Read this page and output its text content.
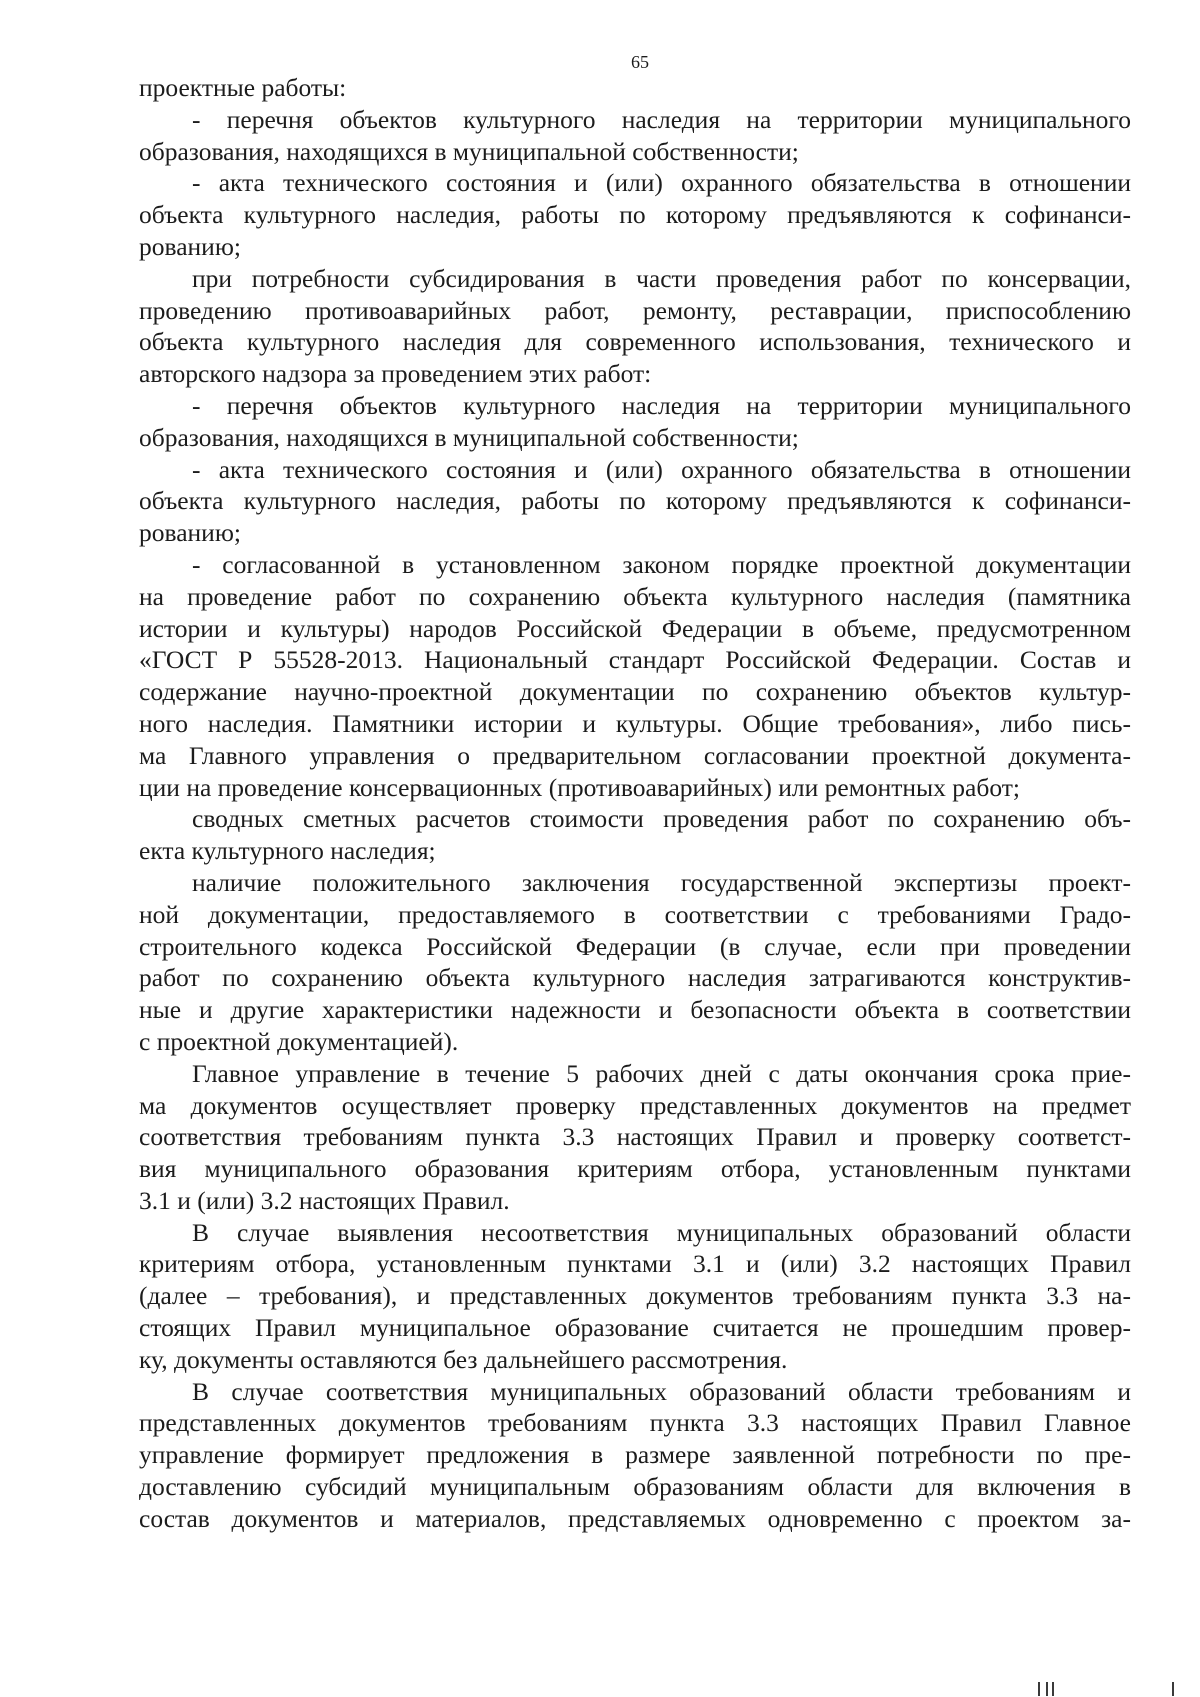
65
проектные работы:
- перечня объектов культурного наследия на территории муниципального
образования, находящихся в муниципальной собственности;
- акта технического состояния и (или) охранного обязательства в отношении
объекта культурного наследия, работы по которому предъявляются к софинанси-
рованию;
при потребности субсидирования в части проведения работ по консервации,
проведению противоаварийных работ, ремонту, реставрации, приспособлению
объекта культурного наследия для современного использования, технического и
авторского надзора за проведением этих работ:
- перечня объектов культурного наследия на территории муниципального
образования, находящихся в муниципальной собственности;
- акта технического состояния и (или) охранного обязательства в отношении
объекта культурного наследия, работы по которому предъявляются к софинанси-
рованию;
- согласованной в установленном законом порядке проектной документации
на проведение работ по сохранению объекта культурного наследия (памятника
истории и культуры) народов Российской Федерации в объеме, предусмотренном
«ГОСТ Р 55528-2013. Национальный стандарт Российской Федерации. Состав и
содержание научно-проектной документации по сохранению объектов культур-
ного наследия. Памятники истории и культуры. Общие требования», либо пись-
ма Главного управления о предварительном согласовании проектной документа-
ции на проведение консервационных (противоаварийных) или ремонтных работ;
сводных сметных расчетов стоимости проведения работ по сохранению объ-
екта культурного наследия;
наличие положительного заключения государственной экспертизы проект-
ной документации, предоставляемого в соответствии с требованиями Градо-
строительного кодекса Российской Федерации (в случае, если при проведении
работ по сохранению объекта культурного наследия затрагиваются конструктив-
ные и другие характеристики надежности и безопасности объекта в соответствии
с проектной документацией).
Главное управление в течение 5 рабочих дней с даты окончания срока прие-
ма документов осуществляет проверку представленных документов на предмет
соответствия требованиям пункта 3.3 настоящих Правил и проверку соответст-
вия муниципального образования критериям отбора, установленным пунктами
3.1 и (или) 3.2 настоящих Правил.
В случае выявления несоответствия муниципальных образований области
критериям отбора, установленным пунктами 3.1 и (или) 3.2 настоящих Правил
(далее – требования), и представленных документов требованиям пункта 3.3 на-
стоящих Правил муниципальное образование считается не прошедшим провер-
ку, документы оставляются без дальнейшего рассмотрения.
В случае соответствия муниципальных образований области требованиям и
представленных документов требованиям пункта 3.3 настоящих Правил Главное
управление формирует предложения в размере заявленной потребности по пре-
доставлению субсидий муниципальным образованиям области для включения в
состав документов и материалов, представляемых одновременно с проектом за-
